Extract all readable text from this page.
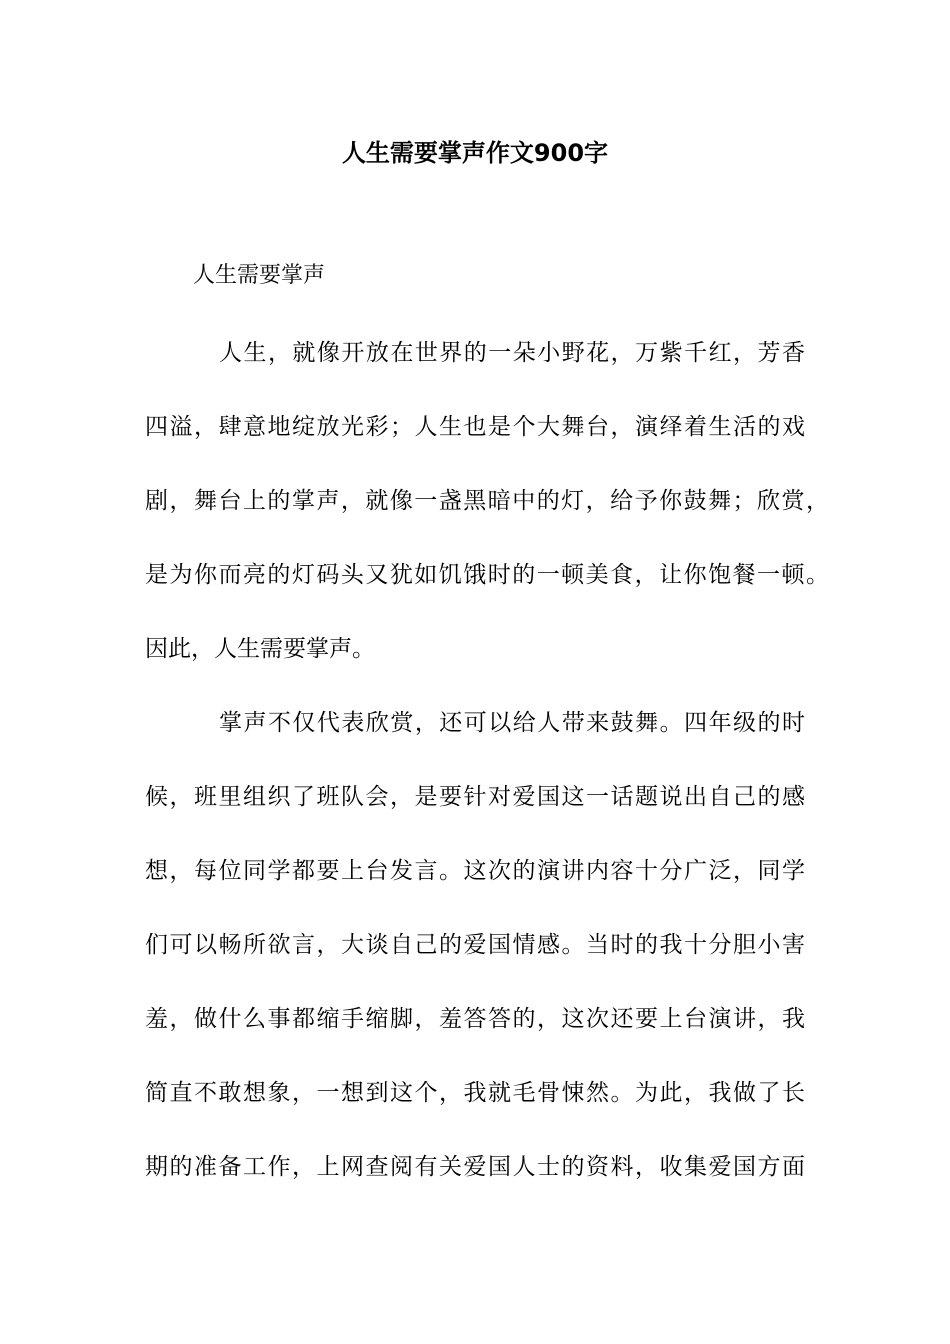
人生需要掌声作文900字
人生需要掌声
人生，就像开放在世界的一朵小野花，万紫千红，芳香
四溢，肆意地绽放光彩；人生也是个大舞台，演绎着生活的戏
剧，舞台上的掌声，就像一盏黑暗中的灯，给予你鼓舞；欣赏，
是为你而亮的灯码头又犹如饥饿时的一顿美食，让你饱餐一顿。
因此，人生需要掌声。
掌声不仅代表欣赏，还可以给人带来鼓舞。四年级的时
候，班里组织了班队会，是要针对爱国这一话题说出自己的感
想，每位同学都要上台发言。这次的演讲内容十分广泛，同学
们可以畅所欲言，大谈自己的爱国情感。当时的我十分胆小害
羞，做什么事都缩手缩脚，羞答答的，这次还要上台演讲，我
简直不敢想象，一想到这个，我就毛骨悚然。为此，我做了长
期的准备工作，上网查阅有关爱国人士的资料，收集爱国方面
